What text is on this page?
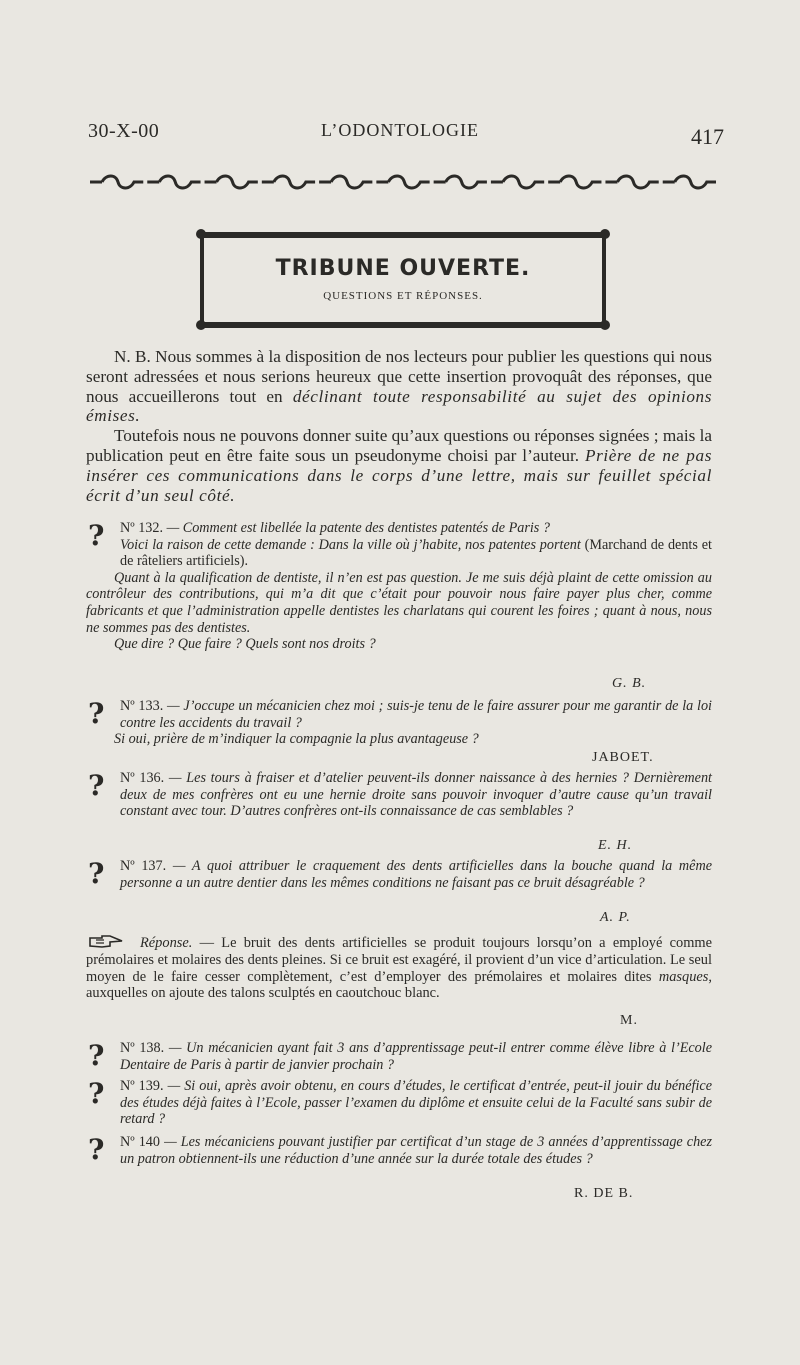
30-X-00	L’ODONTOLOGIE	417
TRIBUNE OUVERTE.
QUESTIONS ET RÉPONSES.

N. B. Nous sommes à la disposition de nos lecteurs pour publier les questions qui nous seront adressées et nous serions heureux que cette insertion provoquât des réponses, que nous accueillerons tout en déclinant toute responsabilité au sujet des opinions émises.

Toutefois nous ne pouvons donner suite qu’aux questions ou réponses signées ; mais la publication peut en être faite sous un pseudonyme choisi par l’auteur. Prière de ne pas insérer ces communications dans le corps d’une lettre, mais sur feuillet spécial écrit d’un seul côté.

?	Nº 132. — Comment est libellée la patente des dentistes patentés de Paris ?

Voici la raison de cette demande : Dans la ville où j’habite, nos patentes portent (Marchand de dents et de râteliers artificiels).

Quant à la qualification de dentiste, il n’en est pas question. Je me suis déjà plaint de cette omission au contrôleur des contributions, qui m’a dit que c’était pour pouvoir nous faire payer plus cher, comme fabricants et que l’administration appelle dentistes les charlatans qui courent les foires ; quant à nous, nous ne sommes pas des dentistes.

Que dire ? Que faire ? Quels sont nos droits ?

G. B.
?	Nº 133. — J’occupe un mécanicien chez moi ; suis-je tenu de le faire assurer pour me garantir de la loi contre les accidents du travail ?

Si oui, prière de m’indiquer la compagnie la plus avantageuse ?

JABOET.
?	Nº 136. — Les tours à fraiser et d’atelier peuvent-ils donner naissance à des hernies ? Dernièrement deux de mes confrères ont eu une hernie droite sans pouvoir invoquer d’autre cause qu’un travail constant avec tour. D’autres confrères ont-ils connaissance de cas semblables ?

E. H.
?	Nº 137. — A quoi attribuer le craquement des dents artificielles dans la bouche quand la même personne a un autre dentier dans les mêmes conditions ne faisant pas ce bruit désagréable ?

A. P.

Réponse. — Le bruit des dents artificielles se produit toujours lorsqu’on a employé comme prémolaires et molaires des dents pleines. Si ce bruit est exagéré, il provient d’un vice d’articulation. Le seul moyen de le faire cesser complètement, c’est d’employer des prémolaires et molaires dites masques, auxquelles on ajoute des talons sculptés en caoutchouc blanc.

M.
?	Nº 138. — Un mécanicien ayant fait 3 ans d’apprentissage peut-il entrer comme élève libre à l’Ecole Dentaire de Paris à partir de janvier prochain ?

?	Nº 139. — Si oui, après avoir obtenu, en cours d’études, le certificat d’entrée, peut-il jouir du bénéfice des études déjà faites à l’Ecole, passer l’examen du diplôme et ensuite celui de la Faculté sans subir de retard ?

?	Nº 140 — Les mécaniciens pouvant justifier par certificat d’un stage de 3 années d’apprentissage chez un patron obtiennent-ils une réduction d’une année sur la durée totale des études ?

R. DE B.
